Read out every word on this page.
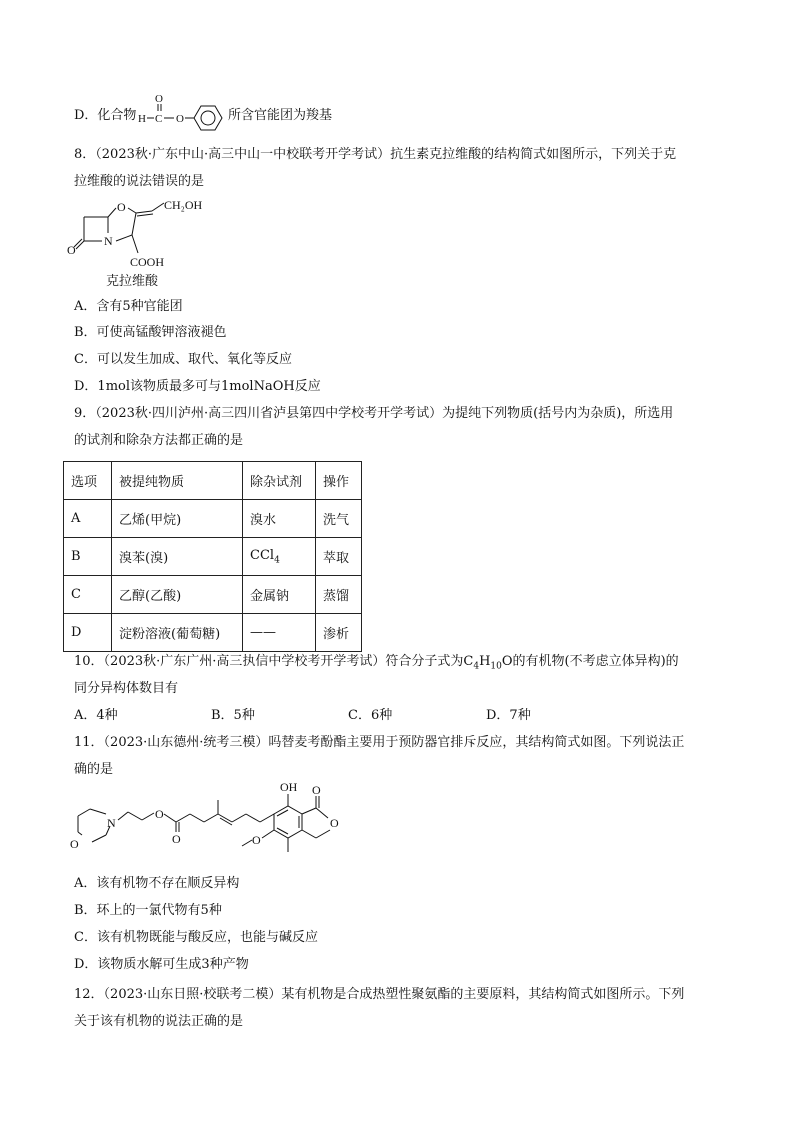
D．化合物 H C
O
O	所含官能团为羧基
8．（2023秋·广东中山·高三中山一中校联考开学考试）抗生素克拉维酸的结构简式如图所示，下列关于克
拉维酸的说法错误的是
O
N
O	CH₂OH
COOH
克拉维酸
A．含有5种官能团
B．可使高锰酸钾溶液褪色
C．可以发生加成、取代、氧化等反应
D．1mol该物质最多可与1molNaOH反应
9．（2023秋·四川泸州·高三四川省泸县第四中学校考开学考试）为提纯下列物质(括号内为杂质)，所选用
的试剂和除杂方法都正确的是
选项	被提纯物质	除杂试剂	操作
A	乙烯(甲烷)	溴水	洗气
B	溴苯(溴)	CCl$_4$	萃取
C	乙醇(乙酸)	金属钠	蒸馏
D	淀粉溶液(葡萄糖)	——	渗析
10．（2023秋·广东广州·高三执信中学校考开学考试）符合分子式为$C_4H_{10}O$的有机物(不考虑立体异构)的
同分异构体数目有
A．4种	B．5种	C．6种	D．7种
11．（2023·山东德州·统考三模）吗替麦考酚酯主要用于预防器官排斥反应，其结构简式如图。下列说法正
确的是
O
N
O
O
OH O
O
O
A．该有机物不存在顺反异构
B．环上的一氯代物有5种
C．该有机物既能与酸反应，也能与碱反应
D．该物质水解可生成3种产物
12．（2023·山东日照·校联考二模）某有机物是合成热塑性聚氨酯的主要原料，其结构简式如图所示。下列
关于该有机物的说法正确的是
